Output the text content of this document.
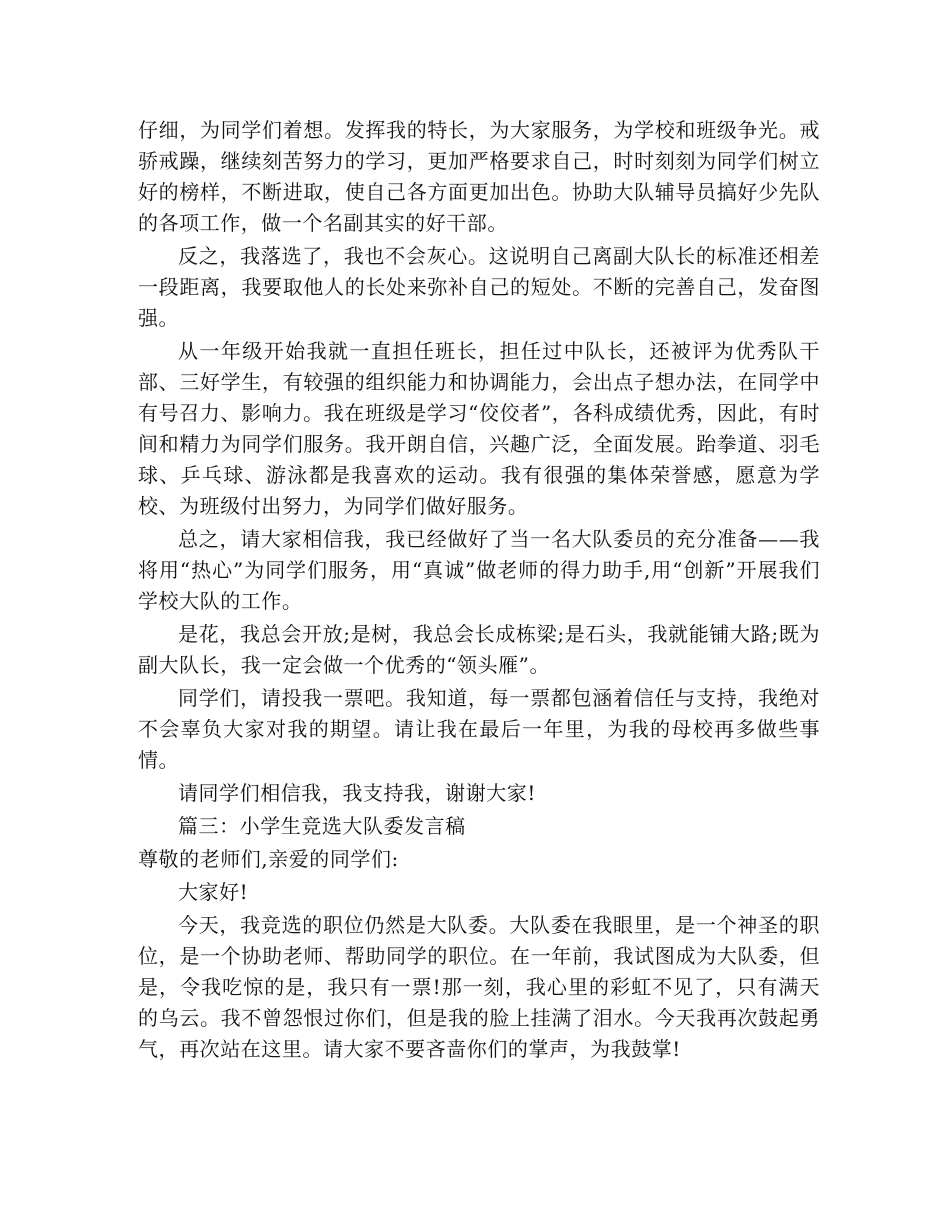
仔细，为同学们着想。发挥我的特长，为大家服务，为学校和班级争光。戒骄戒躁，继续刻苦努力的学习，更加严格要求自己，时时刻刻为同学们树立好的榜样，不断进取，使自己各方面更加出色。协助大队辅导员搞好少先队的各项工作，做一个名副其实的好干部。

反之，我落选了，我也不会灰心。这说明自己离副大队长的标准还相差一段距离，我要取他人的长处来弥补自己的短处。不断的完善自己，发奋图强。

从一年级开始我就一直担任班长，担任过中队长，还被评为优秀队干部、三好学生，有较强的组织能力和协调能力，会出点子想办法，在同学中有号召力、影响力。我在班级是学习“佼佼者”，各科成绩优秀，因此，有时间和精力为同学们服务。我开朗自信，兴趣广泛，全面发展。跆拳道、羽毛球、乒乓球、游泳都是我喜欢的运动。我有很强的集体荣誉感，愿意为学校、为班级付出努力，为同学们做好服务。

总之，请大家相信我，我已经做好了当一名大队委员的充分准备——我将用“热心”为同学们服务，用“真诚”做老师的得力助手,用“创新”开展我们学校大队的工作。

是花，我总会开放;是树，我总会长成栋梁;是石头，我就能铺大路;既为副大队长，我一定会做一个优秀的“领头雁”。

同学们，请投我一票吧。我知道，每一票都包涵着信任与支持，我绝对不会辜负大家对我的期望。请让我在最后一年里，为我的母校再多做些事情。

请同学们相信我，我支持我，谢谢大家!

篇三：小学生竞选大队委发言稿

尊敬的老师们,亲爱的同学们:

大家好!

今天，我竞选的职位仍然是大队委。大队委在我眼里，是一个神圣的职位，是一个协助老师、帮助同学的职位。在一年前，我试图成为大队委，但是，令我吃惊的是，我只有一票!那一刻，我心里的彩虹不见了，只有满天的乌云。我不曾怨恨过你们，但是我的脸上挂满了泪水。今天我再次鼓起勇气，再次站在这里。请大家不要吝啬你们的掌声，为我鼓掌!
